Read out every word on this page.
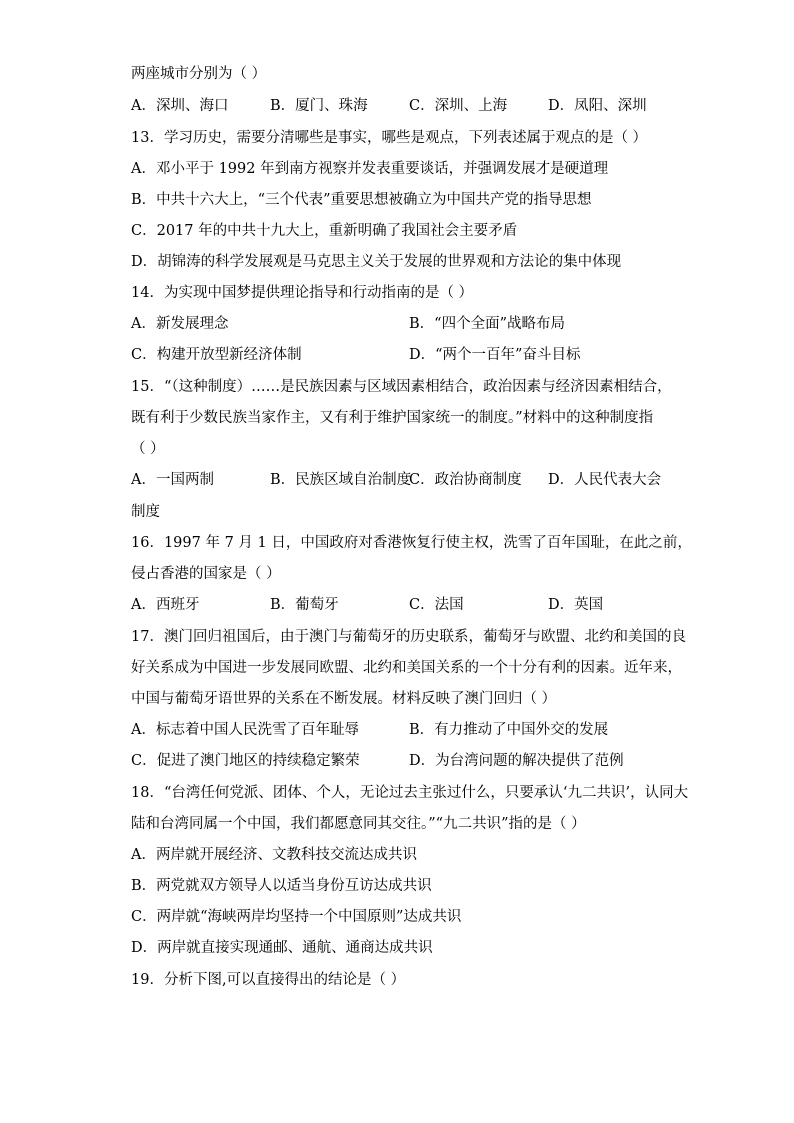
两座城市分别为（ ）
A．深圳、海口	B．厦门、珠海	C．深圳、上海	D．凤阳、深圳
13．学习历史，需要分清哪些是事实，哪些是观点，下列表述属于观点的是（ ）
A．邓小平于 1992 年到南方视察并发表重要谈话，并强调发展才是硬道理
B．中共十六大上，“三个代表”重要思想被确立为中国共产党的指导思想
C．2017 年的中共十九大上，重新明确了我国社会主要矛盾
D．胡锦涛的科学发展观是马克思主义关于发展的世界观和方法论的集中体现
14．为实现中国梦提供理论指导和行动指南的是（ ）
A．新发展理念	B．“四个全面”战略布局
C．构建开放型新经济体制	D．“两个一百年”奋斗目标
15．“（这种制度）……是民族因素与区域因素相结合，政治因素与经济因素相结合，
既有利于少数民族当家作主，又有利于维护国家统一的制度。”材料中的这种制度指
（ ）
A．一国两制	B．民族区域自治制度
C．政治协商制度 D．人民代表大会
制度
16．1997 年 7 月 1 日，中国政府对香港恢复行使主权，洗雪了百年国耻，在此之前，
侵占香港的国家是（ ）
A．西班牙	B．葡萄牙	C．法国	D．英国
17．澳门回归祖国后，由于澳门与葡萄牙的历史联系，葡萄牙与欧盟、北约和美国的良
好关系成为中国进一步发展同欧盟、北约和美国关系的一个十分有利的因素。近年来，
中国与葡萄牙语世界的关系在不断发展。材料反映了澳门回归（ ）
A．标志着中国人民洗雪了百年耻辱	B．有力推动了中国外交的发展
C．促进了澳门地区的持续稳定繁荣	D．为台湾问题的解决提供了范例
18．“台湾任何党派、团体、个人，无论过去主张过什么，只要承认‘九二共识’，认同大
陆和台湾同属一个中国，我们都愿意同其交往。”“九二共识”指的是（ ）
A．两岸就开展经济、文教科技交流达成共识
B．两党就双方领导人以适当身份互访达成共识
C．两岸就“海峡两岸均坚持一个中国原则”达成共识
D．两岸就直接实现通邮、通航、通商达成共识
19．分析下图,可以直接得出的结论是（ ）
